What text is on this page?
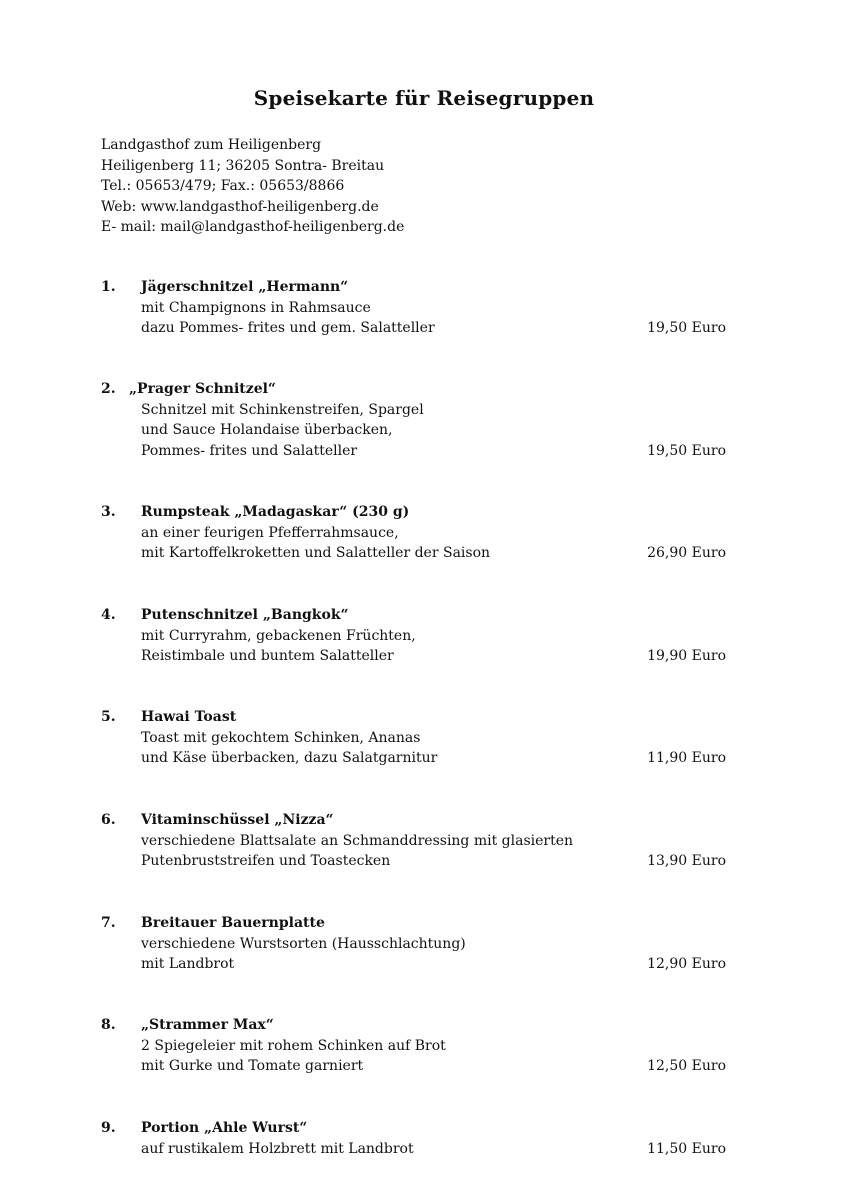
Speisekarte für Reisegruppen
Landgasthof zum Heiligenberg
Heiligenberg 11; 36205 Sontra- Breitau
Tel.: 05653/479; Fax.: 05653/8866
Web: www.landgasthof-heiligenberg.de
E- mail: mail@landgasthof-heiligenberg.de
1. Jägerschnitzel „Hermann“
mit Champignons in Rahmsauce
dazu Pommes- frites und gem. Salatteller	19,50 Euro
2. „Prager Schnitzel“
Schnitzel mit Schinkenstreifen, Spargel
und Sauce Holandaise überbacken,
Pommes- frites und Salatteller	19,50 Euro
3. Rumpsteak „Madagaskar“ (230 g)
an einer feurigen Pfefferrahmsauce,
mit Kartoffelkroketten und Salatteller der Saison	26,90 Euro
4. Putenschnitzel „Bangkok“
mit Curryrahm, gebackenen Früchten,
Reistimbale und buntem Salatteller	19,90 Euro
5. Hawai Toast
Toast mit gekochtem Schinken, Ananas
und Käse überbacken, dazu Salatgarnitur	11,90 Euro
6. Vitaminschüssel „Nizza“
verschiedene Blattsalate an Schmanddressing mit glasierten
Putenbruststreifen und Toastecken	13,90 Euro
7. Breitauer Bauernplatte
verschiedene Wurstsorten (Hausschlachtung)
mit Landbrot	12,90 Euro
8. „Strammer Max“
2 Spiegeleier mit rohem Schinken auf Brot
mit Gurke und Tomate garniert	12,50 Euro
9. Portion „Ahle Wurst“
auf rustikalem Holzbrett mit Landbrot	11,50 Euro
